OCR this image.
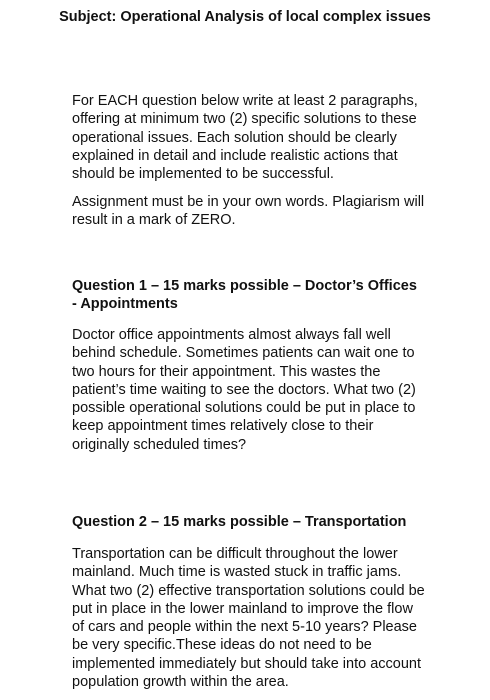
Subject: Operational Analysis of local complex issues

For EACH question below write at least 2 paragraphs, offering at minimum two (2) specific solutions to these operational issues. Each solution should be clearly explained in detail and include realistic actions that should be implemented to be successful.

Assignment must be in your own words. Plagiarism will result in a mark of ZERO.

Question 1 – 15 marks possible – Doctor’s Offices - Appointments

Doctor office appointments almost always fall well behind schedule. Sometimes patients can wait one to two hours for their appointment. This wastes the patient’s time waiting to see the doctors. What two (2) possible operational solutions could be put in place to keep appointment times relatively close to their originally scheduled times?

Question 2 – 15 marks possible – Transportation

Transportation can be difficult throughout the lower mainland. Much time is wasted stuck in traffic jams. What two (2) effective transportation solutions could be put in place in the lower mainland to improve the flow of cars and people within the next 5-10 years? Please be very specific.These ideas do not need to be implemented immediately but should take into account population growth within the area.
